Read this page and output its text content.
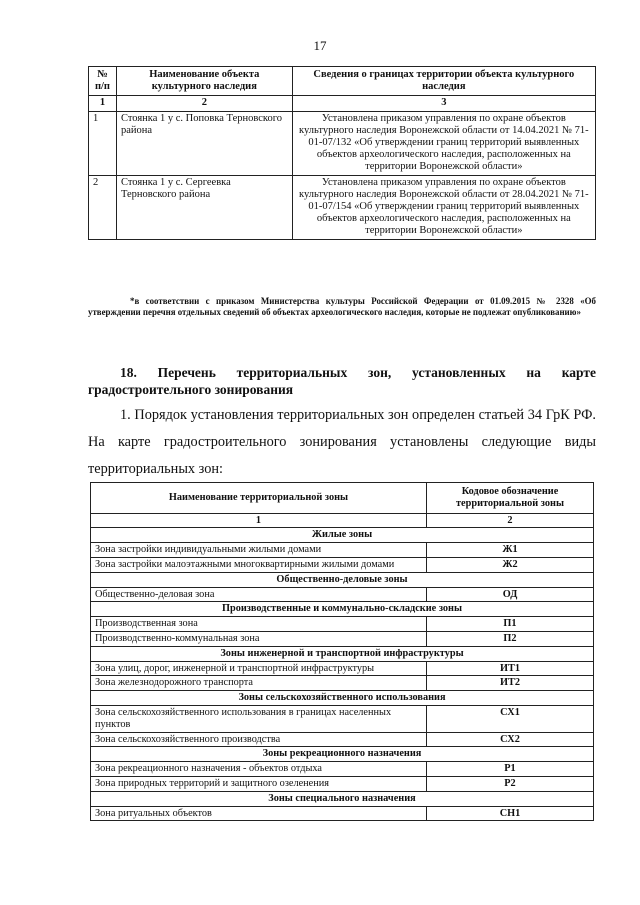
17
№ п/п	Наименование объекта культурного наследия	Сведения о границах территории объекта культурного наследия
1	2	3
1	Стоянка 1 у с. Поповка Терновского района	Установлена приказом управления по охране объектов культурного наследия Воронежской области от 14.04.2021 № 71-01-07/132 «Об утверждении границ территорий выявленных объектов археологического наследия, расположенных на территории Воронежской области»
2	Стоянка 1 у с. Сергеевка Терновского района	Установлена приказом управления по охране объектов культурного наследия Воронежской области от 28.04.2021 № 71-01-07/154 «Об утверждении границ территорий выявленных объектов археологического наследия, расположенных на территории Воронежской области»
*в соответствии с приказом Министерства культуры Российской Федерации от 01.09.2015 № 2328 «Об утверждении перечня отдельных сведений об объектах археологического наследия, которые не подлежат опубликованию»
18. Перечень территориальных зон, установленных на карте градостроительного зонирования
1. Порядок установления территориальных зон определен статьей 34 ГрК РФ. На карте градостроительного зонирования установлены следующие виды территориальных зон:
Наименование территориальной зоны	Кодовое обозначение территориальной зоны
1	2
Жилые зоны	
Зона застройки индивидуальными жилыми домами	Ж1
Зона застройки малоэтажными многоквартирными жилыми домами	Ж2
Общественно-деловые зоны	
Общественно-деловая зона	ОД
Производственные и коммунально-складские зоны	
Производственная зона	П1
Производственно-коммунальная зона	П2
Зоны инженерной и транспортной инфраструктуры	
Зона улиц, дорог, инженерной и транспортной инфраструктуры	ИТ1
Зона железнодорожного транспорта	ИТ2
Зоны сельскохозяйственного использования	
Зона сельскохозяйственного использования в границах населенных пунктов	СХ1
Зона сельскохозяйственного производства	СХ2
Зоны рекреационного назначения	
Зона рекреационного назначения - объектов отдыха	Р1
Зона природных территорий и защитного озеленения	Р2
Зоны специального назначения	
Зона ритуальных объектов	СН1
